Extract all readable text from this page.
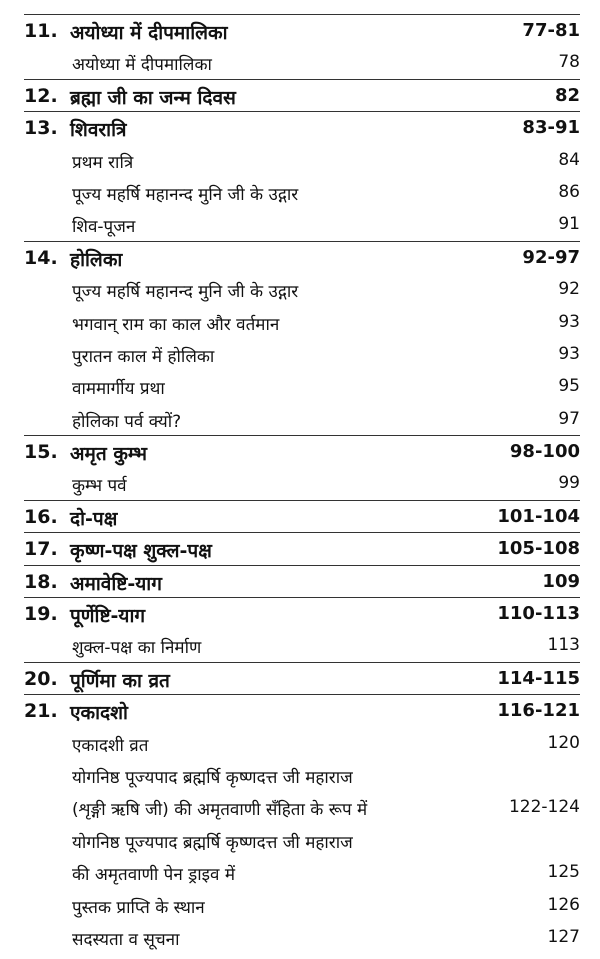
11. अयोध्या में दीपमालिका	77-81
अयोध्या में दीपमालिका	78
12. ब्रह्मा जी का जन्म दिवस	82
13. शिवरात्रि	83-91
प्रथम रात्रि	84
पूज्य महर्षि महानन्द मुनि जी के उद्गार	86
शिव-पूजन	91
14. होलिका	92-97
पूज्य महर्षि महानन्द मुनि जी के उद्गार	92
भगवान् राम का काल और वर्तमान	93
पुरातन काल में होलिका	93
वाममार्गीय प्रथा	95
होलिका पर्व क्यों?	97
15. अमृत कुम्भ	98-100
कुम्भ पर्व	99
16. दो-पक्ष	101-104
17. कृष्ण-पक्ष शुक्ल-पक्ष	105-108
18. अमावेष्टि-याग	109
19. पूर्णेष्टि-याग	110-113
शुक्ल-पक्ष का निर्माण	113
20. पूर्णिमा का व्रत	114-115
21. एकादशो	116-121
एकादशी व्रत	120
योगनिष्ठ पूज्यपाद ब्रह्मर्षि कृष्णदत्त जी महाराज
(शृङ्गी ऋषि जी) की अमृतवाणी सँहिता के रूप में	122-124
योगनिष्ठ पूज्यपाद ब्रह्मर्षि कृष्णदत्त जी महाराज
की अमृतवाणी पेन ड्राइव में	125
पुस्तक प्राप्ति के स्थान	126
सदस्यता व सूचना	127
